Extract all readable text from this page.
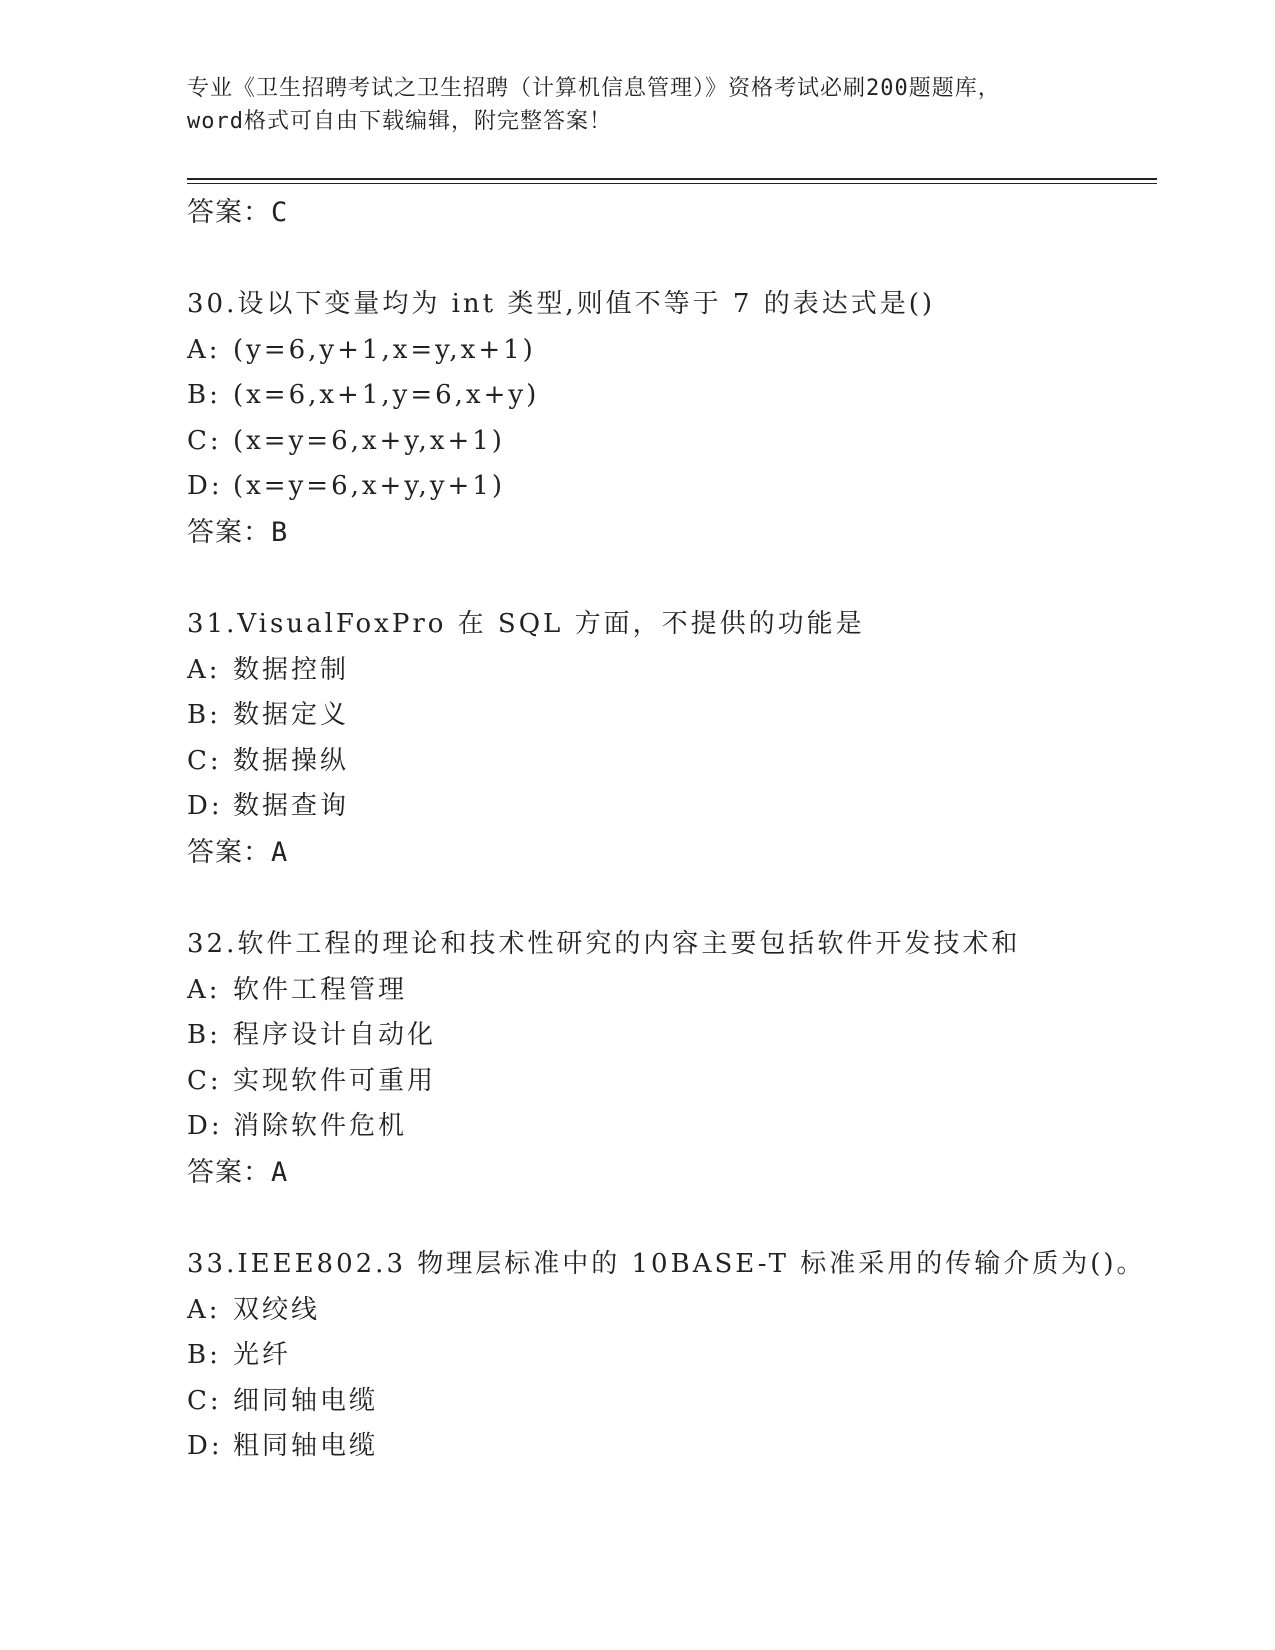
专业《卫生招聘考试之卫生招聘（计算机信息管理）》资格考试必刷200题题库，
word格式可自由下载编辑，附完整答案！
答案：C
30.设以下变量均为 int 类型,则值不等于 7 的表达式是()
A: (y=6,y+1,x=y,x+1)
B: (x=6,x+1,y=6,x+y)
C: (x=y=6,x+y,x+1)
D: (x=y=6,x+y,y+1)
答案：B
31.VisualFoxPro 在 SQL 方面，不提供的功能是
A: 数据控制
B: 数据定义
C: 数据操纵
D: 数据查询
答案：A
32.软件工程的理论和技术性研究的内容主要包括软件开发技术和
A: 软件工程管理
B: 程序设计自动化
C: 实现软件可重用
D: 消除软件危机
答案：A
33.IEEE802.3 物理层标准中的 10BASE-T 标准采用的传输介质为()。
A: 双绞线
B: 光纤
C: 细同轴电缆
D: 粗同轴电缆
